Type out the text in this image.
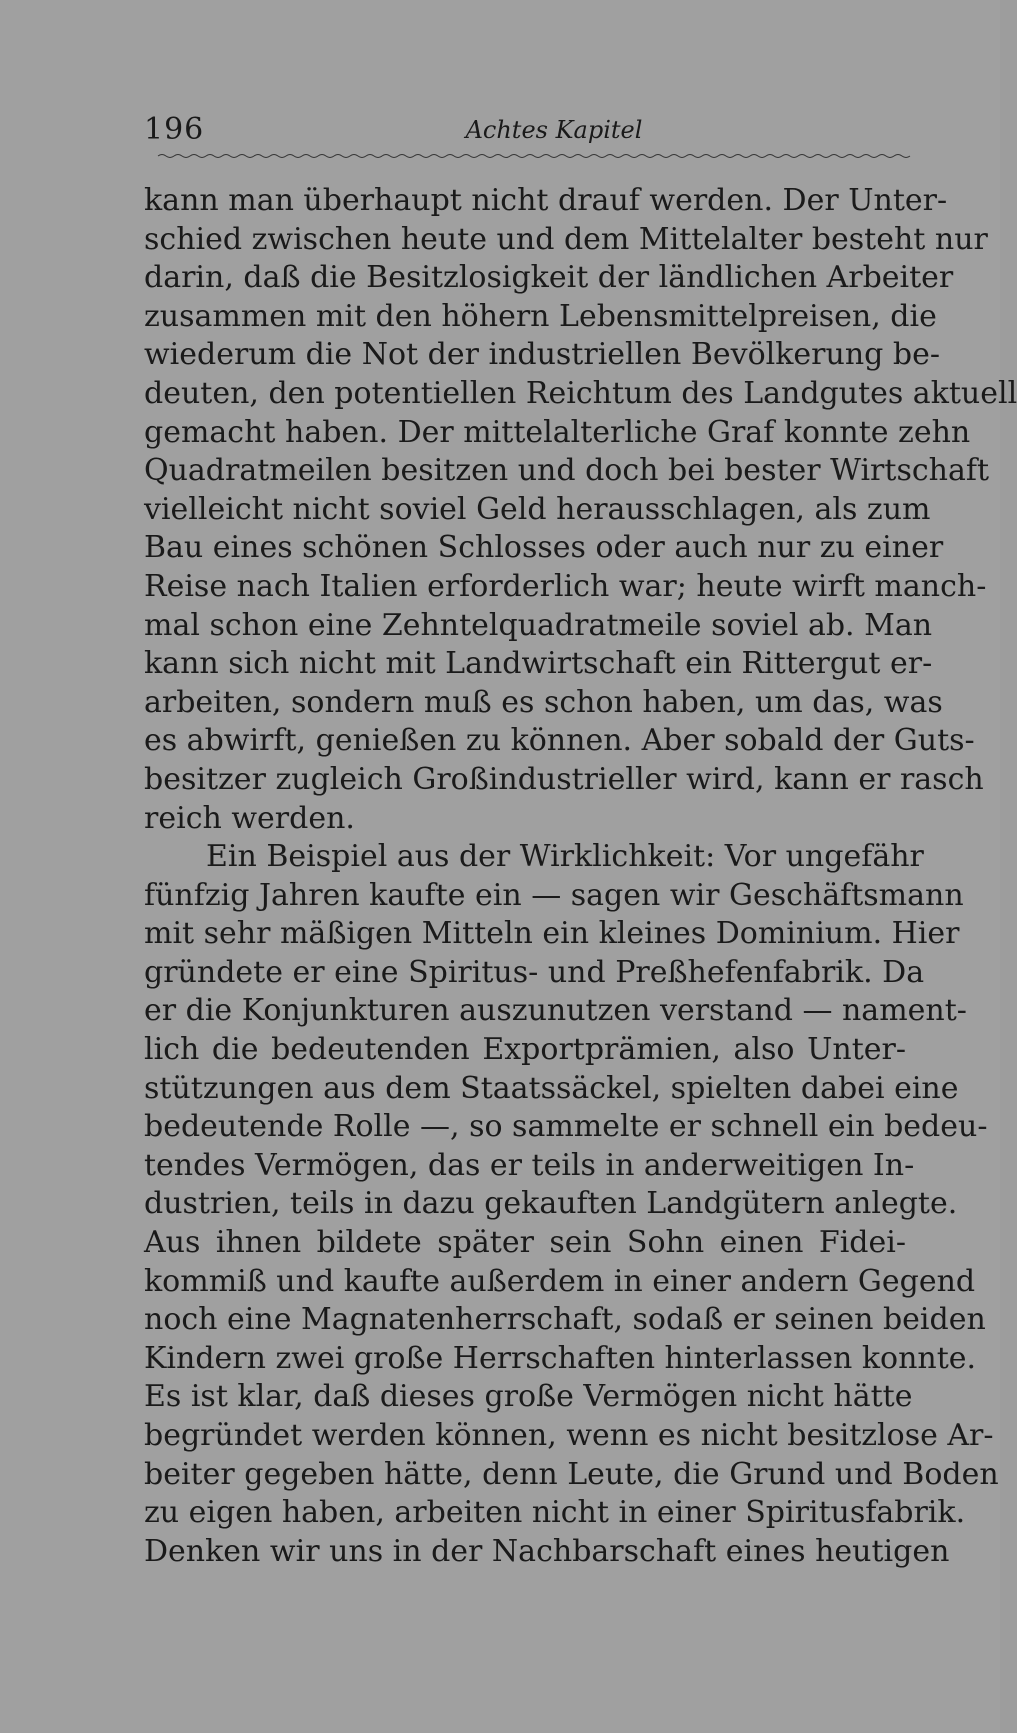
196	Achtes Kapitel
kann man überhaupt nicht drauf werden. Der Unter-
schied zwischen heute und dem Mittelalter besteht nur
darin, daß die Besitzlosigkeit der ländlichen Arbeiter
zusammen mit den höhern Lebensmittelpreisen, die
wiederum die Not der industriellen Bevölkerung be-
deuten, den potentiellen Reichtum des Landgutes aktuell
gemacht haben. Der mittelalterliche Graf konnte zehn
Quadratmeilen besitzen und doch bei bester Wirtschaft
vielleicht nicht soviel Geld herausschlagen, als zum
Bau eines schönen Schlosses oder auch nur zu einer
Reise nach Italien erforderlich war; heute wirft manch-
mal schon eine Zehntelquadratmeile soviel ab. Man
kann sich nicht mit Landwirtschaft ein Rittergut er-
arbeiten, sondern muß es schon haben, um das, was
es abwirft, genießen zu können. Aber sobald der Guts-
besitzer zugleich Großindustrieller wird, kann er rasch
reich werden.
Ein Beispiel aus der Wirklichkeit: Vor ungefähr
fünfzig Jahren kaufte ein — sagen wir Geschäftsmann
mit sehr mäßigen Mitteln ein kleines Dominium. Hier
gründete er eine Spiritus- und Preßhefenfabrik. Da
er die Konjunkturen auszunutzen verstand — nament-
lich die bedeutenden Exportprämien, also Unter-
stützungen aus dem Staatssäckel, spielten dabei eine
bedeutende Rolle —, so sammelte er schnell ein bedeu-
tendes Vermögen, das er teils in anderweitigen In-
dustrien, teils in dazu gekauften Landgütern anlegte.
Aus ihnen bildete später sein Sohn einen Fidei-
kommiß und kaufte außerdem in einer andern Gegend
noch eine Magnatenherrschaft, sodaß er seinen beiden
Kindern zwei große Herrschaften hinterlassen konnte.
Es ist klar, daß dieses große Vermögen nicht hätte
begründet werden können, wenn es nicht besitzlose Ar-
beiter gegeben hätte, denn Leute, die Grund und Boden
zu eigen haben, arbeiten nicht in einer Spiritusfabrik.
Denken wir uns in der Nachbarschaft eines heutigen
